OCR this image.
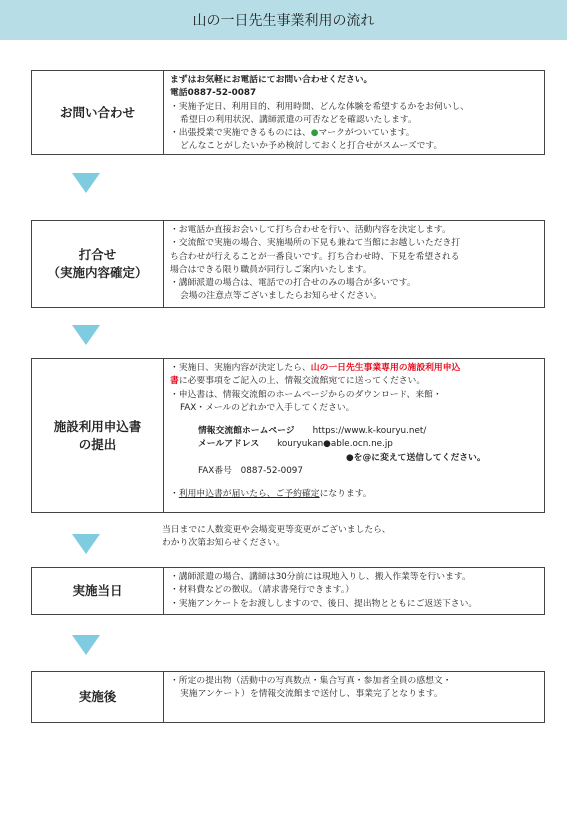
山の一日先生事業利用の流れ
お問い合わせ
まずはお気軽にお電話にてお問い合わせください。
電話0887-52-0087
・実施予定日、利用目的、利用時間、どんな体験を希望するかをお伺いし、
希望日の利用状況、講師派遣の可否などを確認いたします。
・出張授業で実施できるものには、●マークがついています。
どんなことがしたいか予め検討しておくと打合せがスムーズです。
打合せ
（実施内容確定）
・お電話か直接お会いして打ち合わせを行い、活動内容を決定します。
・交流館で実施の場合、実施場所の下見も兼ねて当館にお越しいただき打
ち合わせが行えることが一番良いです。打ち合わせ時、下見を希望される
場合はできる限り職員が同行しご案内いたします。
・講師派遣の場合は、電話での打合せのみの場合が多いです。
会場の注意点等ございましたらお知らせください。
施設利用申込書
の提出
・実施日、実施内容が決定したら、山の一日先生事業専用の施設利用申込
書に必要事項をご記入の上、情報交流館宛てに送ってください。
・申込書は、情報交流館のホームページからのダウンロード、来館・
FAX・メールのどれかで入手してください。
情報交流館ホームページ https://www.k-kouryu.net/
メールアドレス kouryukan●able.ocn.ne.jp
●を@に変えて送信してください。
FAX番号　0887-52-0097
・利用申込書が届いたら、ご予約確定になります。
当日までに人数変更や会場変更等変更がございましたら、
わかり次第お知らせください。
実施当日
・講師派遣の場合、講師は30分前には現地入りし、搬入作業等を行います。
・材料費などの徴収。（請求書発行できます。）
・実施アンケートをお渡ししますので、後日、提出物とともにご返送下さい。
実施後
・所定の提出物（活動中の写真数点・集合写真・参加者全員の感想文・
実施アンケート）を情報交流館まで送付し、事業完了となります。
